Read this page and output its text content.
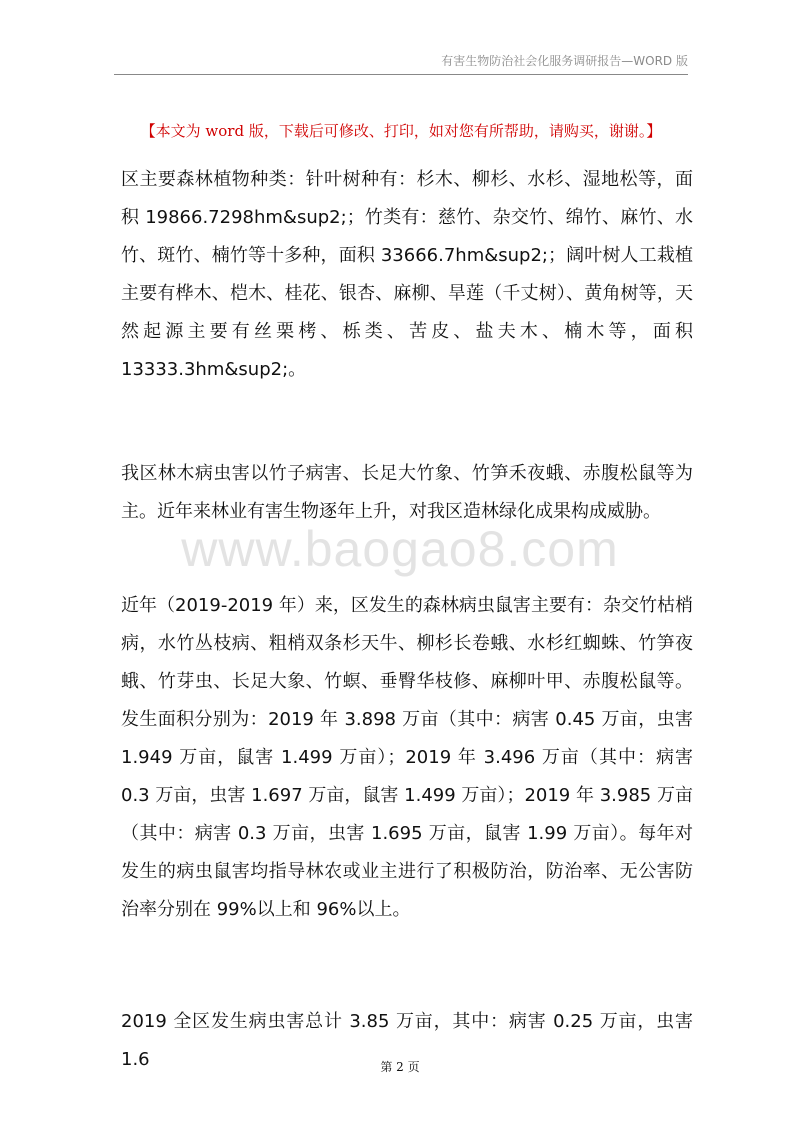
有害生物防治社会化服务调研报告—WORD 版
【本文为 word 版，下载后可修改、打印，如对您有所帮助，请购买，谢谢。】

区主要森林植物种类：针叶树种有：杉木、柳杉、水杉、湿地松等，面积 19866.7298hm&sup2;；竹类有：慈竹、杂交竹、绵竹、麻竹、水竹、斑竹、楠竹等十多种，面积 33666.7hm&sup2;；阔叶树人工栽植主要有桦木、桤木、桂花、银杏、麻柳、旱莲（千丈树）、黄角树等，天然起源主要有丝栗栲、栎类、苦皮、盐夫木、楠木等，面积 13333.3hm&sup2;。

我区林木病虫害以竹子病害、长足大竹象、竹笋禾夜蛾、赤腹松鼠等为主。近年来林业有害生物逐年上升，对我区造林绿化成果构成威胁。

www.baogao8.com

近年（2019-2019 年）来，区发生的森林病虫鼠害主要有：杂交竹枯梢病，水竹丛枝病、粗梢双条杉天牛、柳杉长卷蛾、水杉红蜘蛛、竹笋夜蛾、竹芽虫、长足大象、竹螟、垂臀华枝修、麻柳叶甲、赤腹松鼠等。发生面积分别为：2019 年 3.898 万亩（其中：病害 0.45 万亩，虫害 1.949 万亩，鼠害 1.499 万亩）；2019 年 3.496 万亩（其中：病害 0.3 万亩，虫害 1.697 万亩，鼠害 1.499 万亩）；2019 年 3.985 万亩（其中：病害 0.3 万亩，虫害 1.695 万亩，鼠害 1.99 万亩）。每年对发生的病虫鼠害均指导林农或业主进行了积极防治，防治率、无公害防治率分别在 99%以上和 96%以上。

2019 全区发生病虫害总计 3.85 万亩，其中：病害 0.25 万亩，虫害 1.6	第 2 页
